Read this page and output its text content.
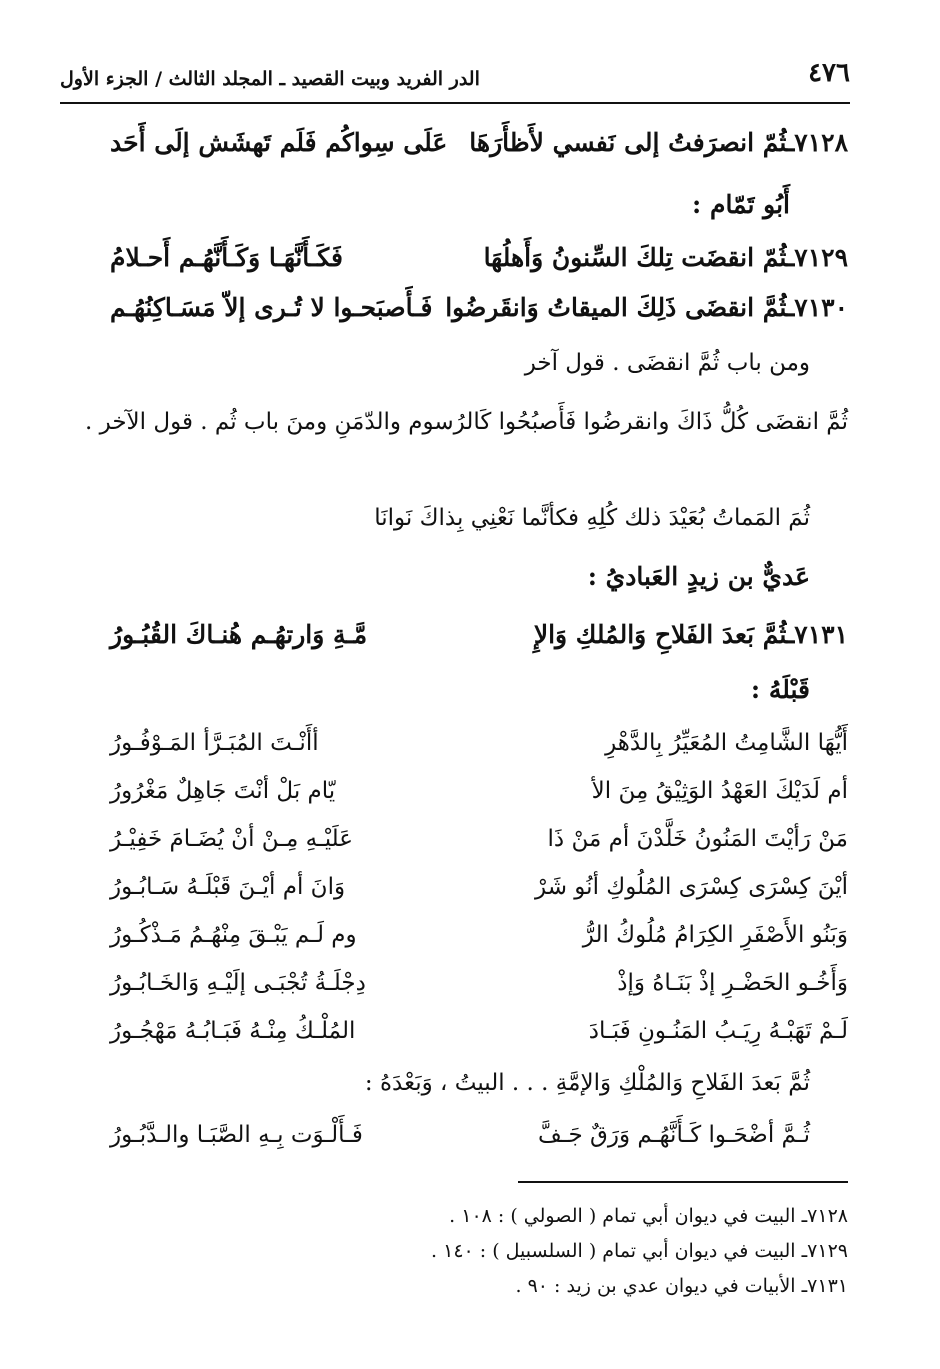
٤٧٦
الدر الفريد وبيت القصيد ـ المجلد الثالث / الجزء الأول
٧١٢٨ـثُمّ انصرَفتُ إلى نَفسي لأَظأَرَهَا
عَلَى سِواكُم فَلَم تَهشَش إلَى أَحَد
أَبُو تَمّام :
٧١٢٩ـثُمّ انقضَت تِلكَ السِّنونُ وَأَهلُهَا
فَكَـأَنَّهَـا وَكَـأَنَّهُـم أَحـلامُ
٧١٣٠ـثُمَّ انقضَى ذَلِكَ الميقاتُ وَانقَرضُوا
فَـأَصبَحـوا لا تُـرى إلاّ مَسَـاكِنُهُـم
ومن باب ثُمَّ انقضَى . قول آخر
ثُمَّ انقضَى كُلُّ ذَاكَ وانقرضُوا فَأَصبُحُوا كَالرُسوم والدّمَنِ ومنَ باب ثُم . قول الآخر .
ثُمَ المَماتُ بُعَيْدَ ذلك كُلِهِ فكأنَّما نَعْنِي بِذاكَ نَوانَا
عَديٌّ بن زيدٍ العَباديُ :
٧١٣١ـثُمَّ بَعدَ الفَلاحِ وَالمُلكِ وَالإِ
مَّـةِ وَارتهُـم هُنـاكَ القُبُـورُ
قَبْلَهُ :
أَيُّهَا الشَّامِتُ المُعَيِّرُ بِالدَّهْرِ
أأَنْـتَ المُبَـرَّأ المَـوْفُـورُ
أم لَدَيْكَ العَهْدُ الوَثِيْقُ مِنَ الأ
يّام بَلْ أنْتَ جَاهِلٌ مَغْرُورُ
مَنْ رَأيْتَ المَنُونُ خَلَّدْنَ أم مَنْ ذَا
عَلَيْـهِ مِـنْ أنْ يُضَـامَ خَفِيْـرُ
أيْنَ كِسْرَى كِسْرَى المُلُوكِ أنُو شَرْ
وَانَ أم أيْـنَ قَبْلَـهُ سَـابُـورُ
وَبَنُو الأَصْفَرِ الكِرَامُ مُلُوكُ الرُّ
وم لَـم يَبْـقَ مِنْهُـمُ مَـذْكُـورُ
وَأَخُـو الحَضْـرِ إذْ بَنَـاهُ وَإذْ
دِجْلَـةُ تُجْبَـى إلَيْـهِ وَالخَـابُـورُ
لَـمْ تَهَبْـهُ رِيَـبُ المَنُـونِ فَبَـادَ
المُلْـكُ مِنْـهُ فَبَـابُـهُ مَهْجُـورُ
ثُمَّ بَعدَ الفَلاحِ وَالمُلْكِ وَالإمَّةِ . . . البيتُ ، وَبَعْدَهُ :
ثُـمَّ أضْحَـوا كَـأَنَّهُـم وَرَقٌ جَـفَّ
فَـأَلْـوَت بِـهِ الصَّبَـا والـدَّبُـورُ
٧١٢٨ـ البيت في ديوان أبي تمام ( الصولي ) : ١٠٨ .
٧١٢٩ـ البيت في ديوان أبي تمام ( السلسبيل ) : ١٤٠ .
٧١٣١ـ الأبيات في ديوان عدي بن زيد : ٩٠ .
